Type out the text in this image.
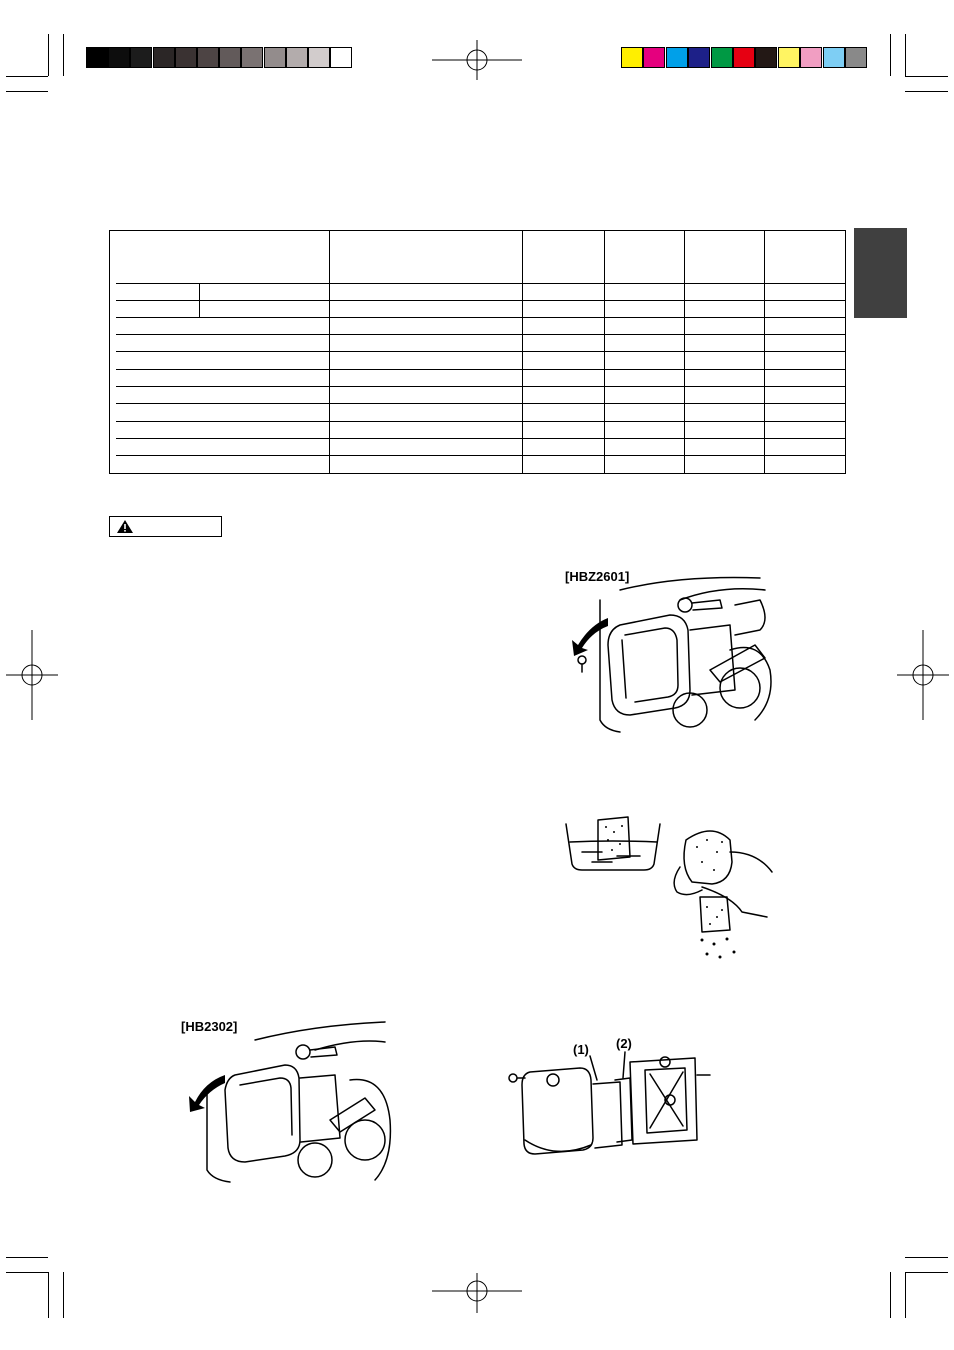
[HBZ2601]
[HB2302]
(1) (2)
